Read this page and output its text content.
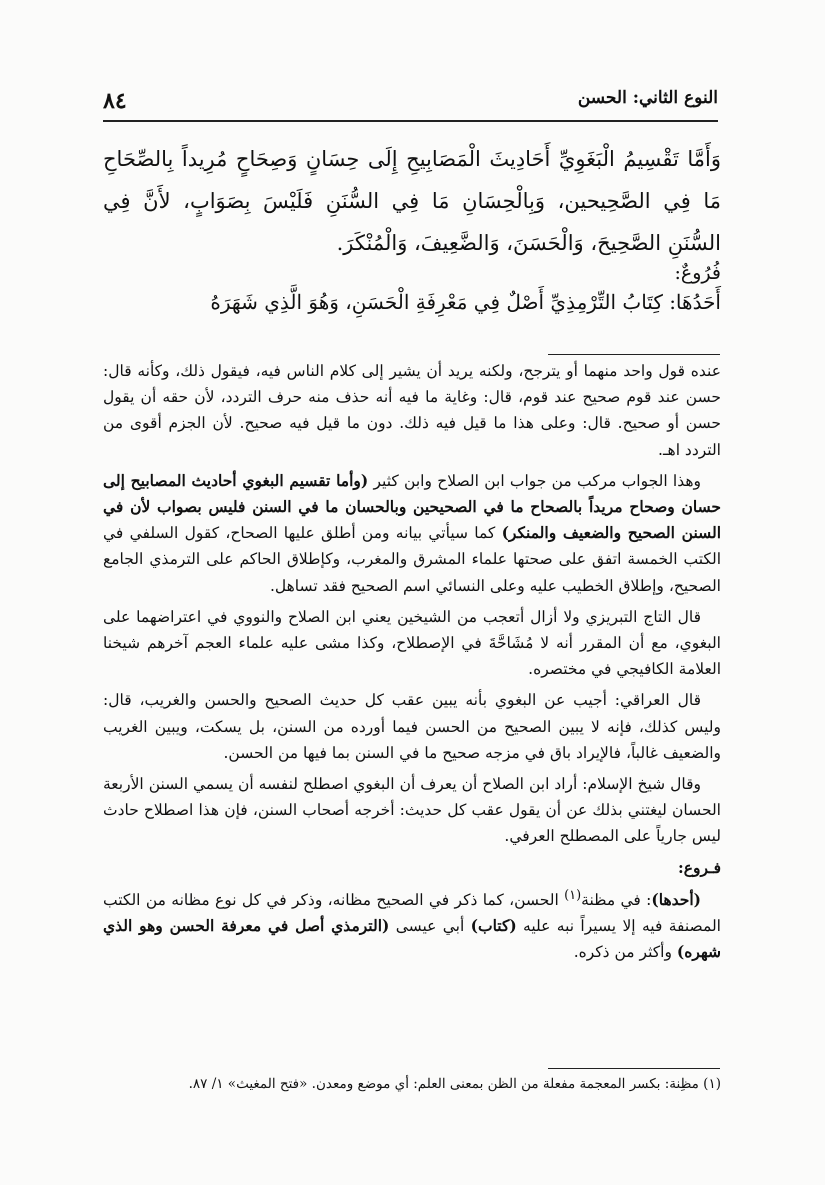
٨٤	النوع الثاني: الحسن

وَأَمَّا تَقْسِيمُ الْبَغَوِيِّ أَحَادِيثَ الْمَصَابِيحِ إِلَى حِسَانٍ وَصِحَاحٍ مُرِيداً بِالصِّحَاحِ مَا فِي الصَّحِيحين، وَبِالْحِسَانِ مَا فِي السُّنَنِ فَلَيْسَ بِصَوَابٍ، لأَنَّ فِي السُّنَنِ الصَّحِيحَ، وَالْحَسَنَ، وَالضَّعِيفَ، وَالْمُنْكَرَ.

فُرُوعٌ:

أَحَدُهَا: كِتَابُ التِّرْمِذِيِّ أَصْلٌ فِي مَعْرِفَةِ الْحَسَنِ، وَهُوَ الَّذِي شَهَرَهُ

عنده قول واحد منهما أو يترجح، ولكنه يريد أن يشير إلى كلام الناس فيه، فيقول ذلك، وكأنه قال: حسن عند قوم صحيح عند قوم، قال: وغاية ما فيه أنه حذف منه حرف التردد، لأن حقه أن يقول حسن أو صحيح. قال: وعلى هذا ما قيل فيه ذلك. دون ما قيل فيه صحيح. لأن الجزم أقوى من التردد اهـ.

وهذا الجواب مركب من جواب ابن الصلاح وابن كثير (وأما تقسيم البغوي أحاديث المصابيح إلى حسان وصحاح مريداً بالصحاح ما في الصحيحين وبالحسان ما في السنن فليس بصواب لأن في السنن الصحيح والضعيف والمنكر) كما سيأتي بيانه ومن أطلق عليها الصحاح، كقول السلفي في الكتب الخمسة اتفق على صحتها علماء المشرق والمغرب، وكإطلاق الحاكم على الترمذي الجامع الصحيح، وإطلاق الخطيب عليه وعلى النسائي اسم الصحيح فقد تساهل.

قال التاج التبريزي ولا أزال أتعجب من الشيخين يعني ابن الصلاح والنووي في اعتراضهما على البغوي، مع أن المقرر أنه لا مُشَاحَّةَ في الإصطلاح، وكذا مشى عليه علماء العجم آخرهم شيخنا العلامة الكافيجي في مختصره.

قال العراقي: أجيب عن البغوي بأنه يبين عقب كل حديث الصحيح والحسن والغريب، قال: وليس كذلك، فإنه لا يبين الصحيح من الحسن فيما أورده من السنن، بل يسكت، ويبين الغريب والضعيف غالباً، فالإيراد باق في مزجه صحيح ما في السنن بما فيها من الحسن.

وقال شيخ الإسلام: أراد ابن الصلاح أن يعرف أن البغوي اصطلح لنفسه أن يسمي السنن الأربعة الحسان ليغتني بذلك عن أن يقول عقب كل حديث: أخرجه أصحاب السنن، فإن هذا اصطلاح حادث ليس جارياً على المصطلح العرفي.

فـروع:

(أحدها): في مظنة$^{(١)}$ الحسن، كما ذكر في الصحيح مظانه، وذكر في كل نوع مظانه من الكتب المصنفة فيه إلا يسيراً نبه عليه (كتاب) أبي عيسى (الترمذي أصل في معرفة الحسن وهو الذي شهره) وأكثر من ذكره.

(١) مظِنة: بكسر المعجمة مفعلة من الظن بمعنى العلم: أي موضع ومعدن. «فتح المغيث» ١/ ٨٧.
